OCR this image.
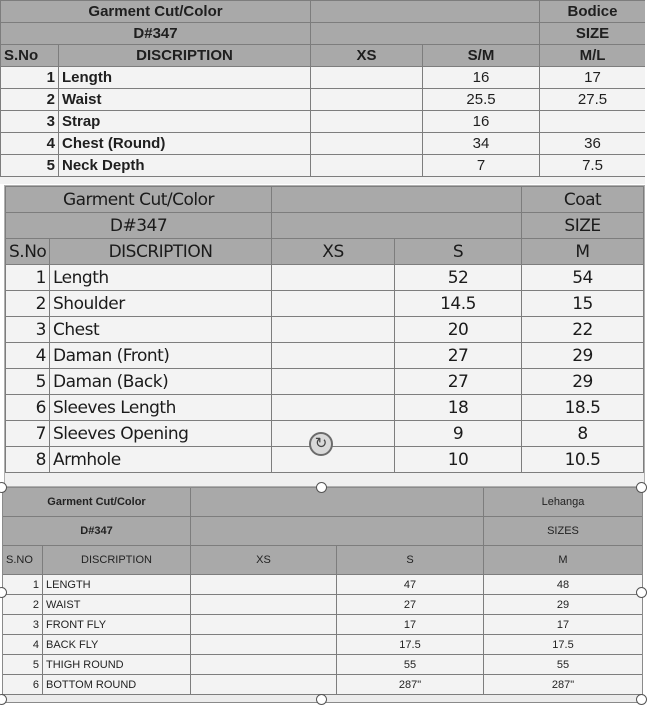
Garment Cut/Color				Bodice
D#347				SIZE
S.No	DISCRIPTION	XS	S/M	M/L
1	Length		16	17
2	Waist		25.5	27.5
3	Strap		16	
4	Chest (Round)		34	36
5	Neck Depth		7	7.5
Garment Cut/Color				Coat
D#347				SIZE
S.No	DISCRIPTION	XS	S	M
1	Length		52	54
2	Shoulder		14.5	15
3	Chest		20	22
4	Daman (Front)		27	29
5	Daman (Back)		27	29
6	Sleeves Length		18	18.5
7	Sleeves Opening		9	8
8	Armhole		10	10.5
Garment Cut/Color				Lehanga
D#347				SIZES
S.NO	DISCRIPTION	XS	S	M
1	LENGTH		47	48
2	WAIST		27	29
3	FRONT FLY		17	17
4	BACK FLY		17.5	17.5
5	THIGH ROUND		55	55
6	BOTTOM ROUND		287"	287"
↻
